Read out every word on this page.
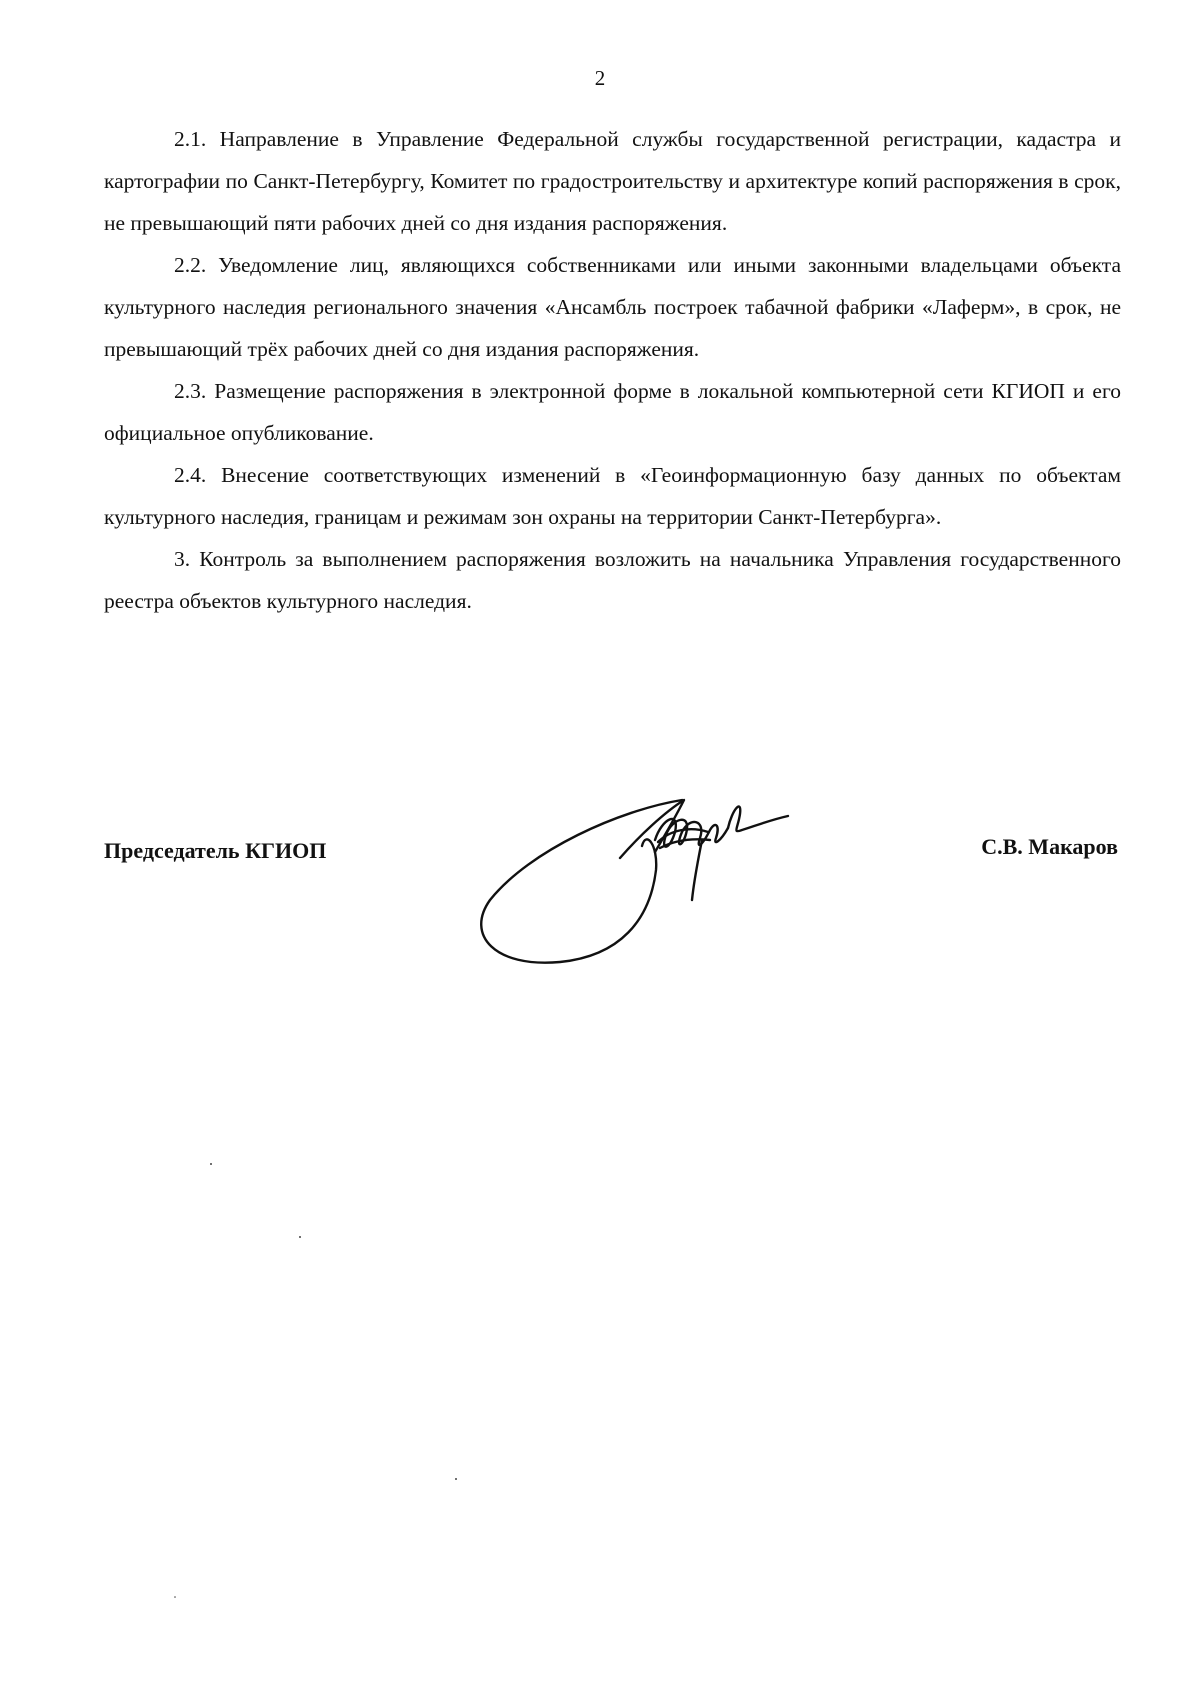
2

2.1. Направление в Управление Федеральной службы государственной регистрации, кадастра и картографии по Санкт-Петербургу, Комитет по градостроительству и архитектуре копий распоряжения в срок, не превышающий пяти рабочих дней со дня издания распоряжения.

2.2. Уведомление лиц, являющихся собственниками или иными законными владельцами объекта культурного наследия регионального значения «Ансамбль построек табачной фабрики «Лаферм», в срок, не превышающий трёх рабочих дней со дня издания распоряжения.

2.3. Размещение распоряжения в электронной форме в локальной компьютерной сети КГИОП и его официальное опубликование.

2.4. Внесение соответствующих изменений в «Геоинформационную базу данных по объектам культурного наследия, границам и режимам зон охраны на территории Санкт-Петербурга».

3. Контроль за выполнением распоряжения возложить на начальника Управления государственного реестра объектов культурного наследия.

Председатель КГИОП	С.В. Макаров
